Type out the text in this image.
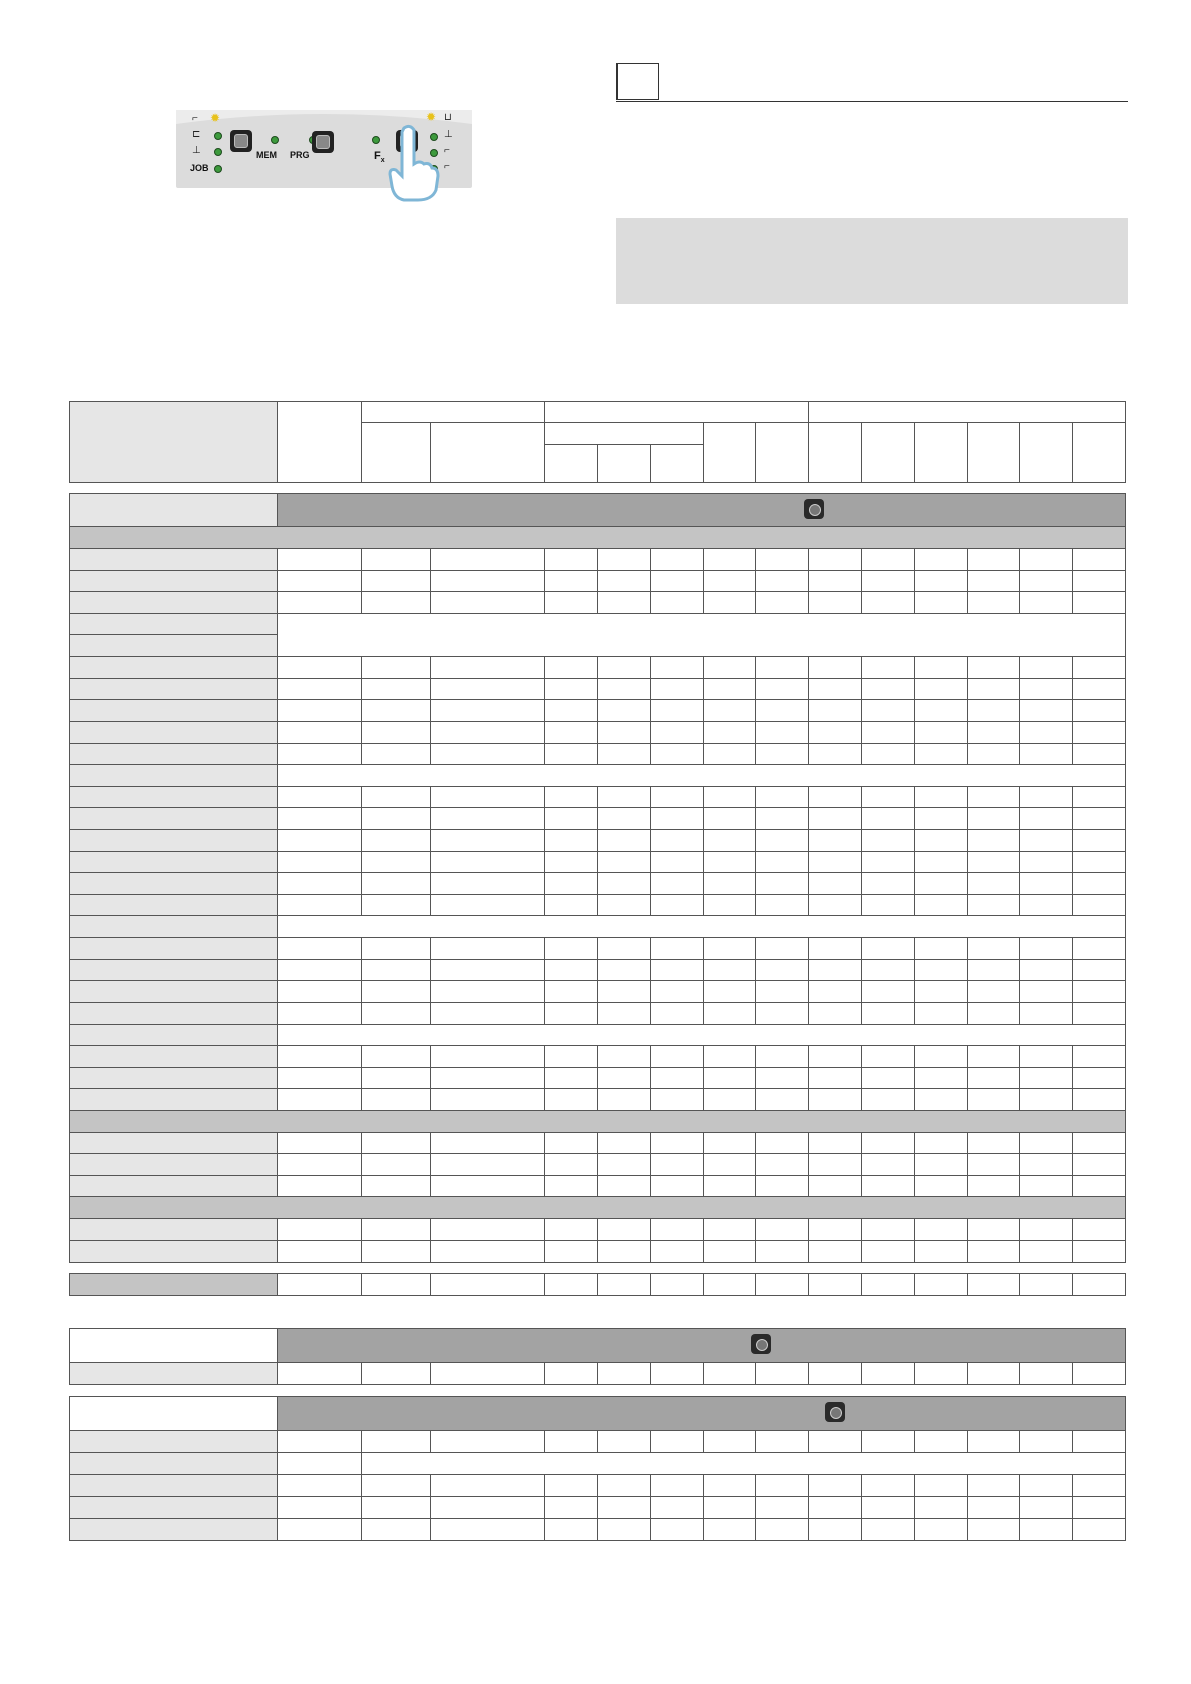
⌐ ✹
⊏
⊥
JOB
MEM PRG	$F_x$
✹ ⊔
⊥
⌐
⌐
